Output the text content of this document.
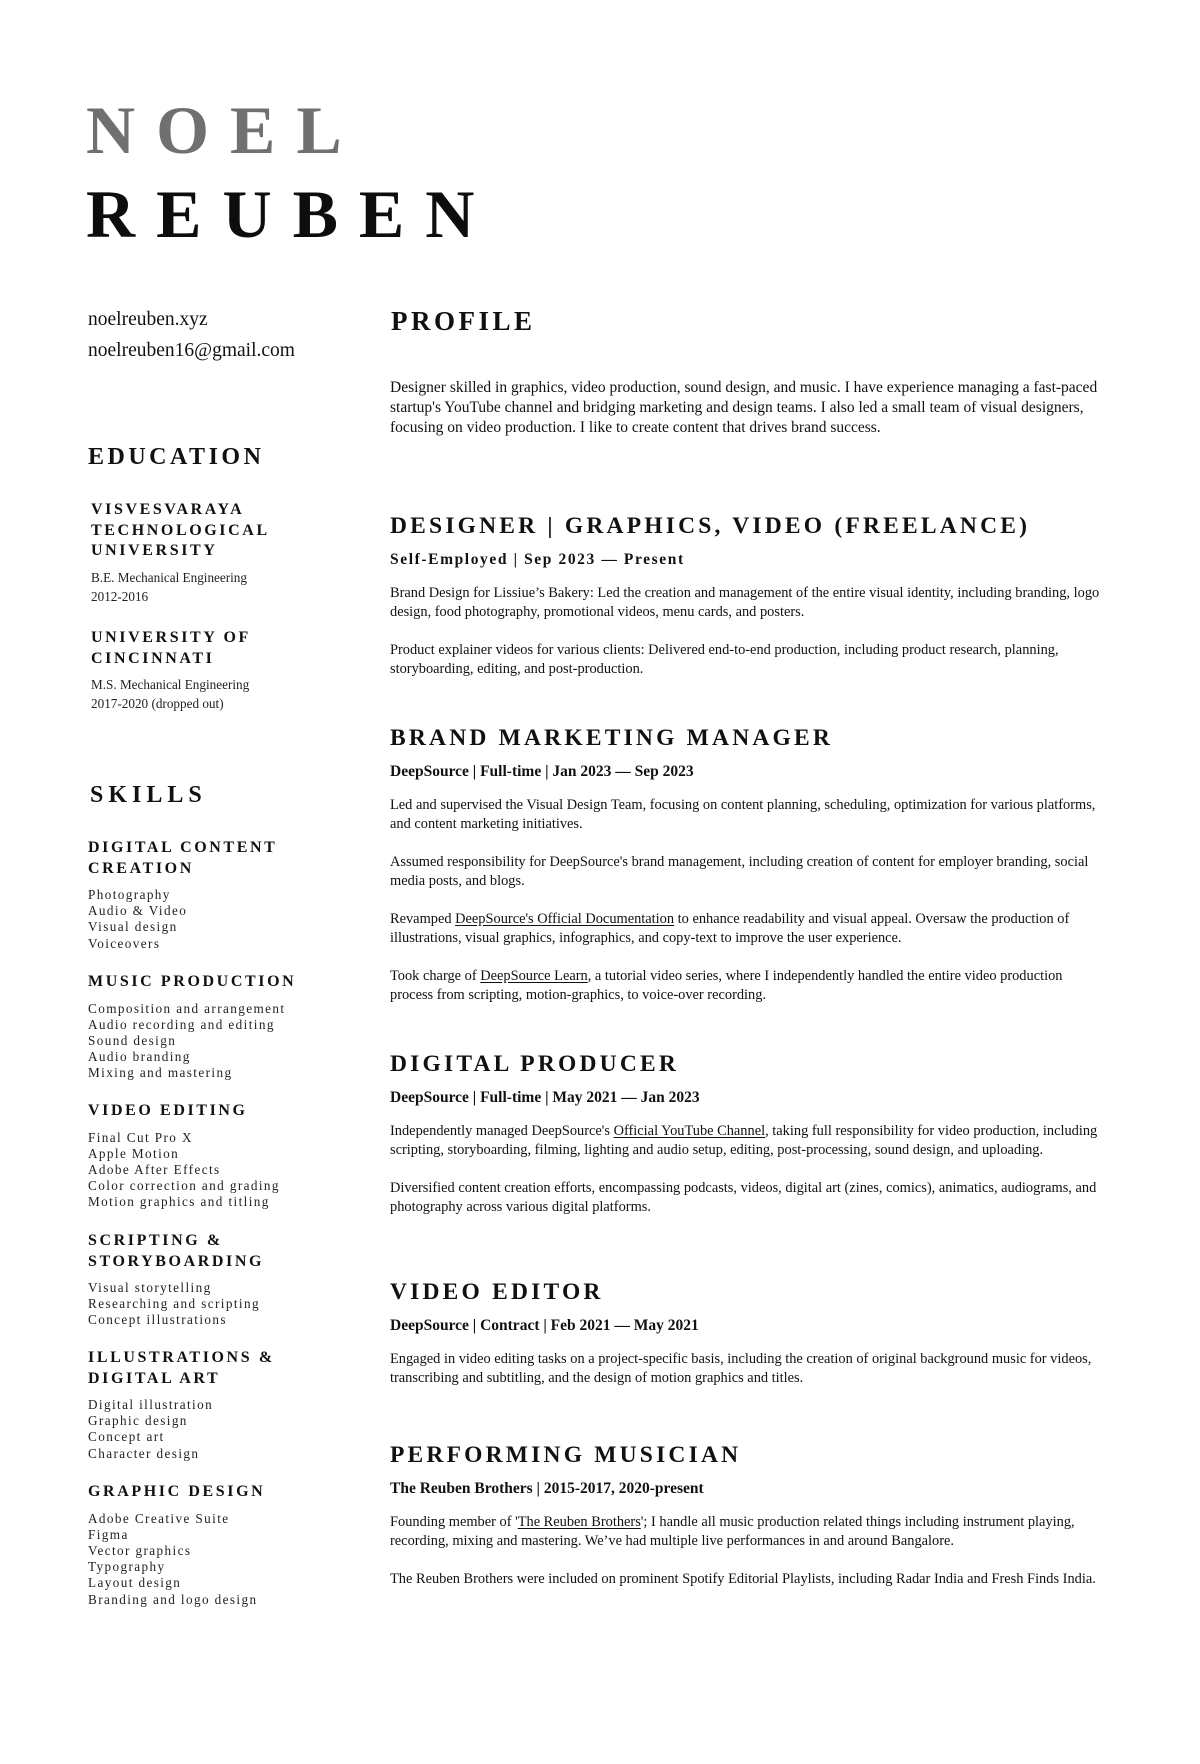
NOEL
REUBEN
noelreuben.xyz
noelreuben16@gmail.com
EDUCATION

VISVESVARAYA

TECHNOLOGICAL

UNIVERSITY

B.E. Mechanical Engineering

2012-2016

UNIVERSITY OF

CINCINNATI

M.S. Mechanical Engineering

2017-2020 (dropped out)

SKILLS

DIGITAL CONTENT

CREATION

Photography

Audio & Video

Visual design

Voiceovers

MUSIC PRODUCTION

Composition and arrangement

Audio recording and editing

Sound design

Audio branding

Mixing and mastering

VIDEO EDITING

Final Cut Pro X

Apple Motion

Adobe After Effects

Color correction and grading

Motion graphics and titling

SCRIPTING &

STORYBOARDING

Visual storytelling

Researching and scripting

Concept illustrations

ILLUSTRATIONS &

DIGITAL ART

Digital illustration

Graphic design

Concept art

Character design

GRAPHIC DESIGN

Adobe Creative Suite

Figma

Vector graphics

Typography

Layout design

Branding and logo design

PROFILE

Designer skilled in graphics, video production, sound design, and music. I have experience managing a fast-paced startup's YouTube channel and bridging marketing and design teams. I also led a small team of visual designers, focusing on video production. I like to create content that drives brand success.

DESIGNER | GRAPHICS, VIDEO (FREELANCE)

Self-Employed | Sep 2023 — Present

Brand Design for Lissiue’s Bakery: Led the creation and management of the entire visual identity, including branding, logo design, food photography, promotional videos, menu cards, and posters.

Product explainer videos for various clients: Delivered end-to-end production, including product research, planning, storyboarding, editing, and post-production.

BRAND MARKETING MANAGER

DeepSource | Full-time | Jan 2023 — Sep 2023

Led and supervised the Visual Design Team, focusing on content planning, scheduling, optimization for various platforms, and content marketing initiatives.

Assumed responsibility for DeepSource's brand management, including creation of content for employer branding, social media posts, and blogs.

Revamped DeepSource's Official Documentation to enhance readability and visual appeal. Oversaw the production of illustrations, visual graphics, infographics, and copy-text to improve the user experience.

Took charge of DeepSource Learn, a tutorial video series, where I independently handled the entire video production process from scripting, motion-graphics, to voice-over recording.

DIGITAL PRODUCER

DeepSource | Full-time | May 2021 — Jan 2023

Independently managed DeepSource's Official YouTube Channel, taking full responsibility for video production, including scripting, storyboarding, filming, lighting and audio setup, editing, post-processing, sound design, and uploading.

Diversified content creation efforts, encompassing podcasts, videos, digital art (zines, comics), animatics, audiograms, and photography across various digital platforms.

VIDEO EDITOR

DeepSource | Contract | Feb 2021 — May 2021

Engaged in video editing tasks on a project-specific basis, including the creation of original background music for videos, transcribing and subtitling, and the design of motion graphics and titles.

PERFORMING MUSICIAN

The Reuben Brothers | 2015-2017, 2020-present

Founding member of 'The Reuben Brothers'; I handle all music production related things including instrument playing, recording, mixing and mastering. We’ve had multiple live performances in and around Bangalore.

The Reuben Brothers were included on prominent Spotify Editorial Playlists, including Radar India and Fresh Finds India.
